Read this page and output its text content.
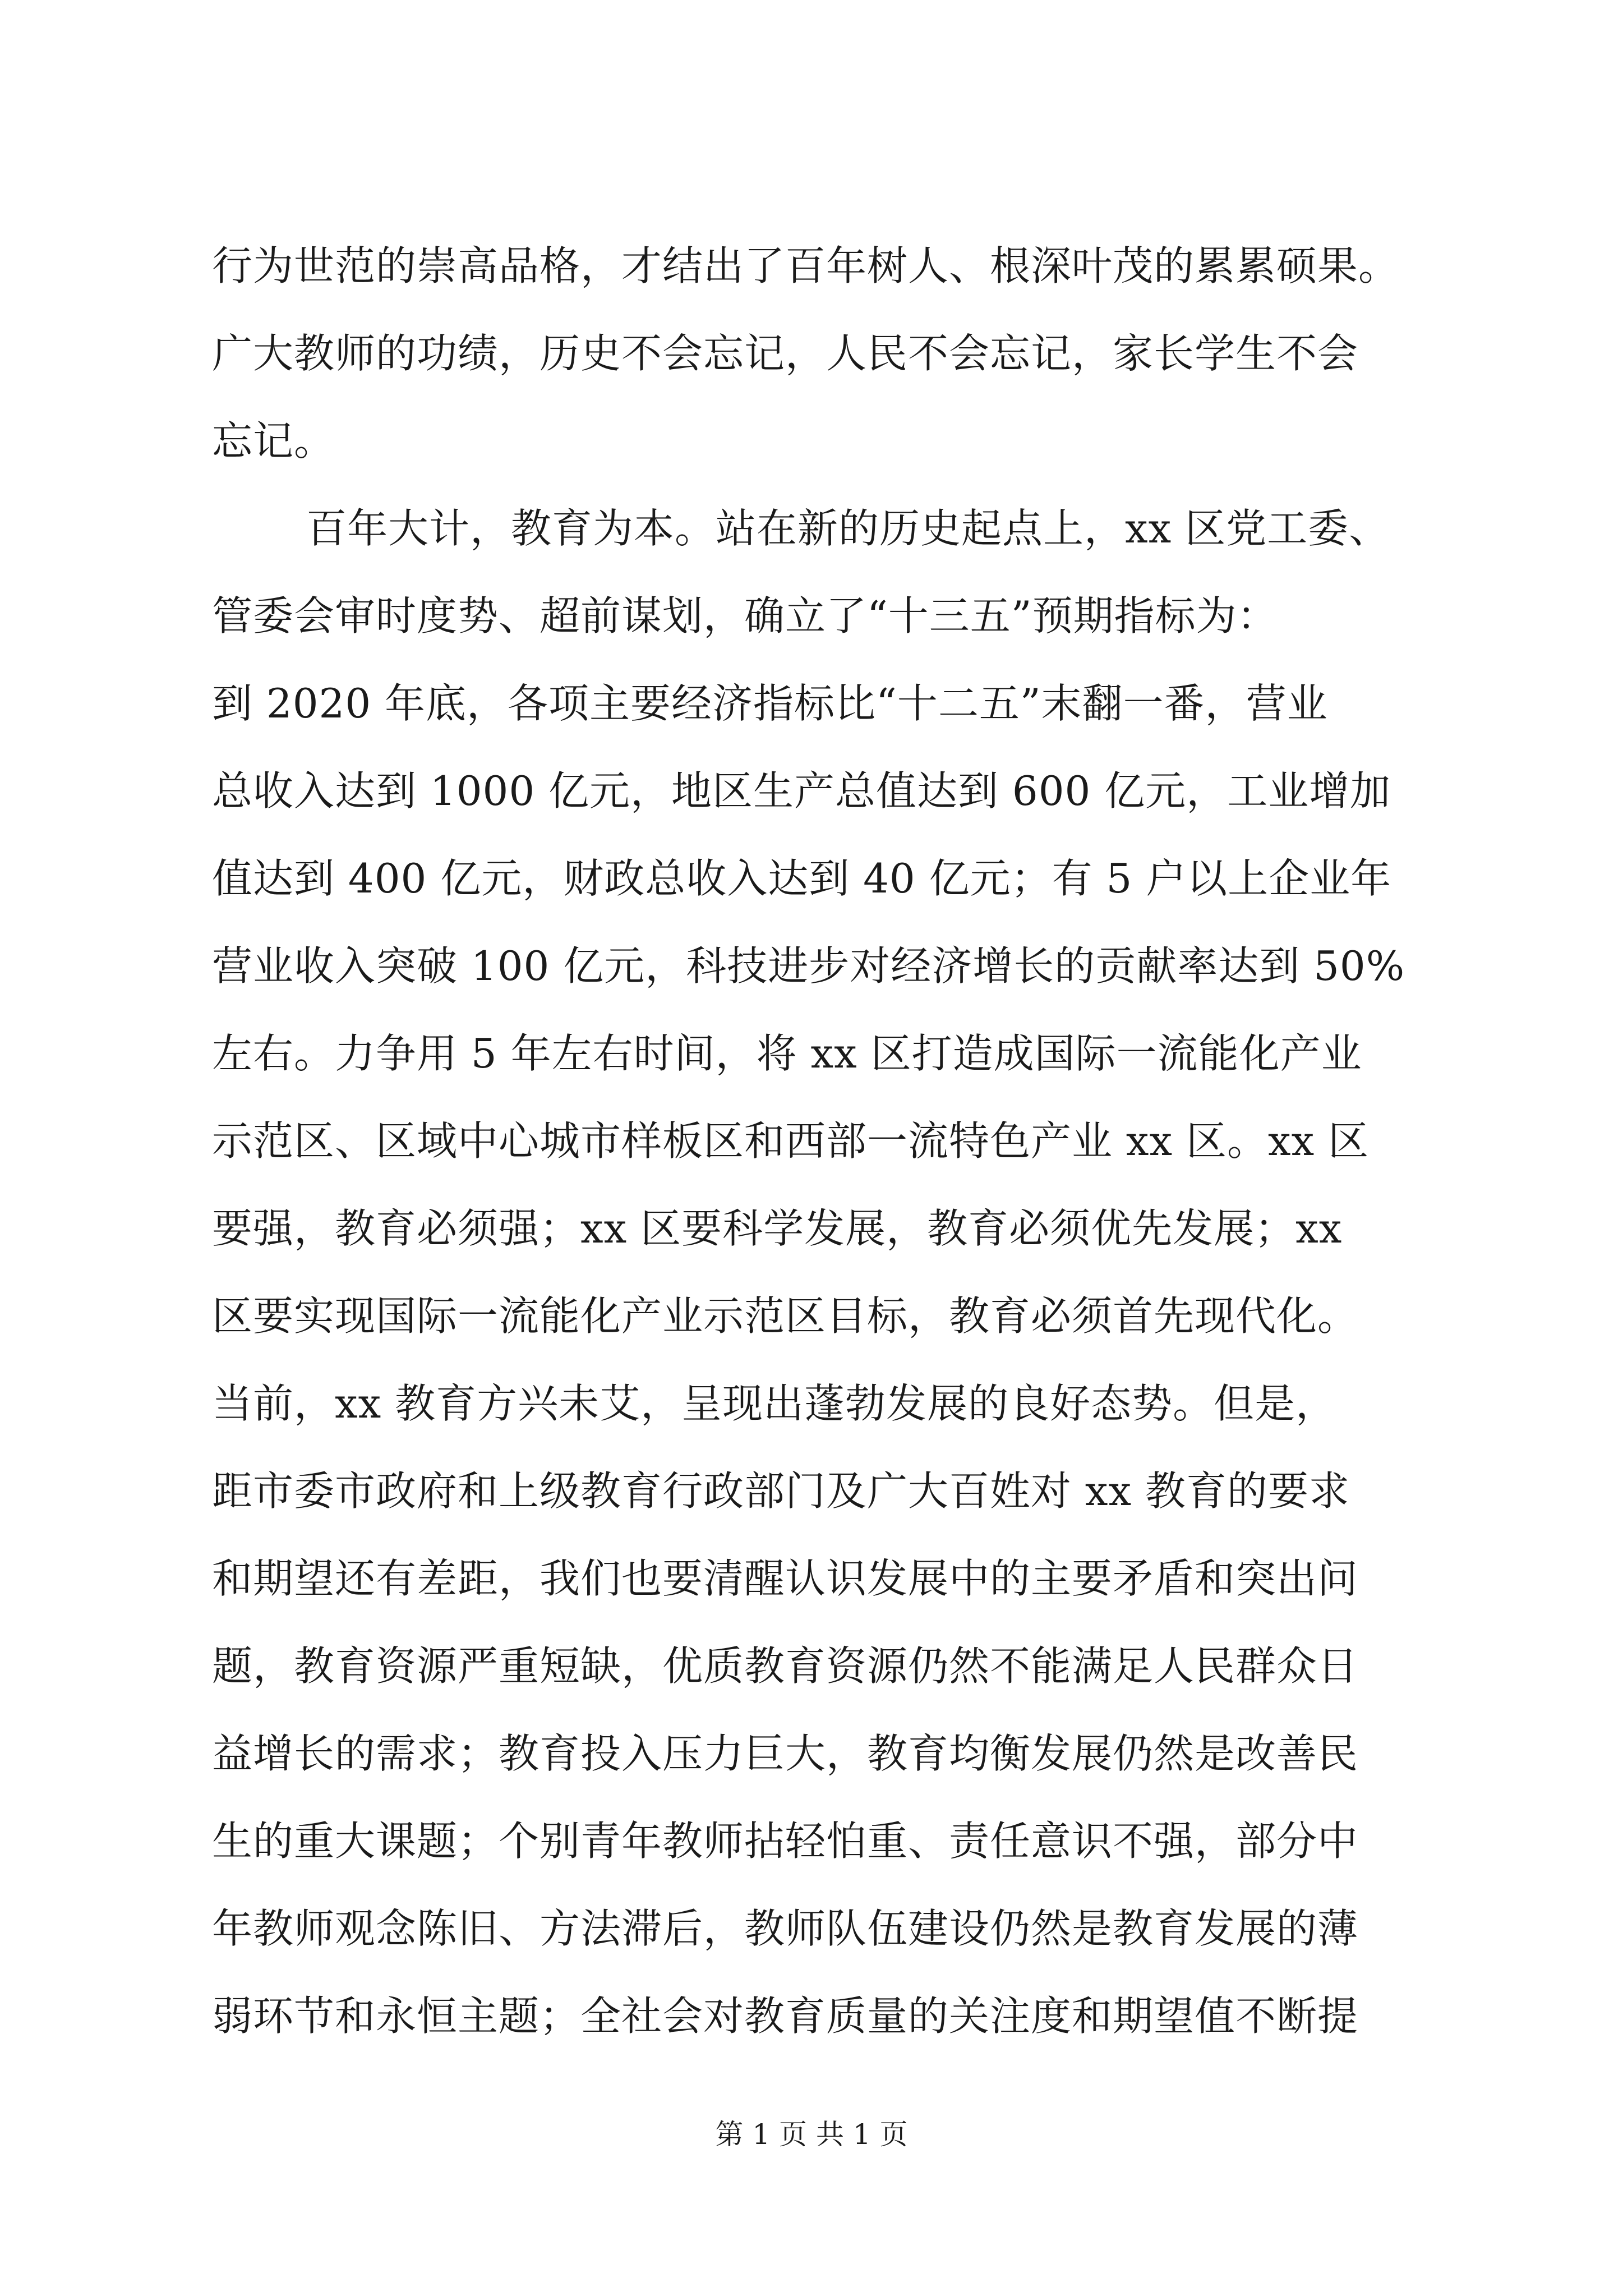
行为世范的崇高品格，才结出了百年树人、根深叶茂的累累硕果。
广大教师的功绩，历史不会忘记，人民不会忘记，家长学生不会
忘记。
百年大计，教育为本。站在新的历史起点上，xx 区党工委、
管委会审时度势、超前谋划，确立了“十三五”预期指标为：
到 2020 年底，各项主要经济指标比“十二五”末翻一番，营业
总收入达到 1000 亿元，地区生产总值达到 600 亿元，工业增加
值达到 400 亿元，财政总收入达到 40 亿元；有 5 户以上企业年
营业收入突破 100 亿元，科技进步对经济增长的贡献率达到 50%
左右。力争用 5 年左右时间，将 xx 区打造成国际一流能化产业
示范区、区域中心城市样板区和西部一流特色产业 xx 区。xx 区
要强，教育必须强；xx 区要科学发展，教育必须优先发展；xx
区要实现国际一流能化产业示范区目标，教育必须首先现代化。
当前，xx 教育方兴未艾，呈现出蓬勃发展的良好态势。但是，
距市委市政府和上级教育行政部门及广大百姓对 xx 教育的要求
和期望还有差距，我们也要清醒认识发展中的主要矛盾和突出问
题，教育资源严重短缺，优质教育资源仍然不能满足人民群众日
益增长的需求；教育投入压力巨大，教育均衡发展仍然是改善民
生的重大课题；个别青年教师拈轻怕重、责任意识不强，部分中
年教师观念陈旧、方法滞后，教师队伍建设仍然是教育发展的薄
弱环节和永恒主题；全社会对教育质量的关注度和期望值不断提
第 1 页 共 1 页
